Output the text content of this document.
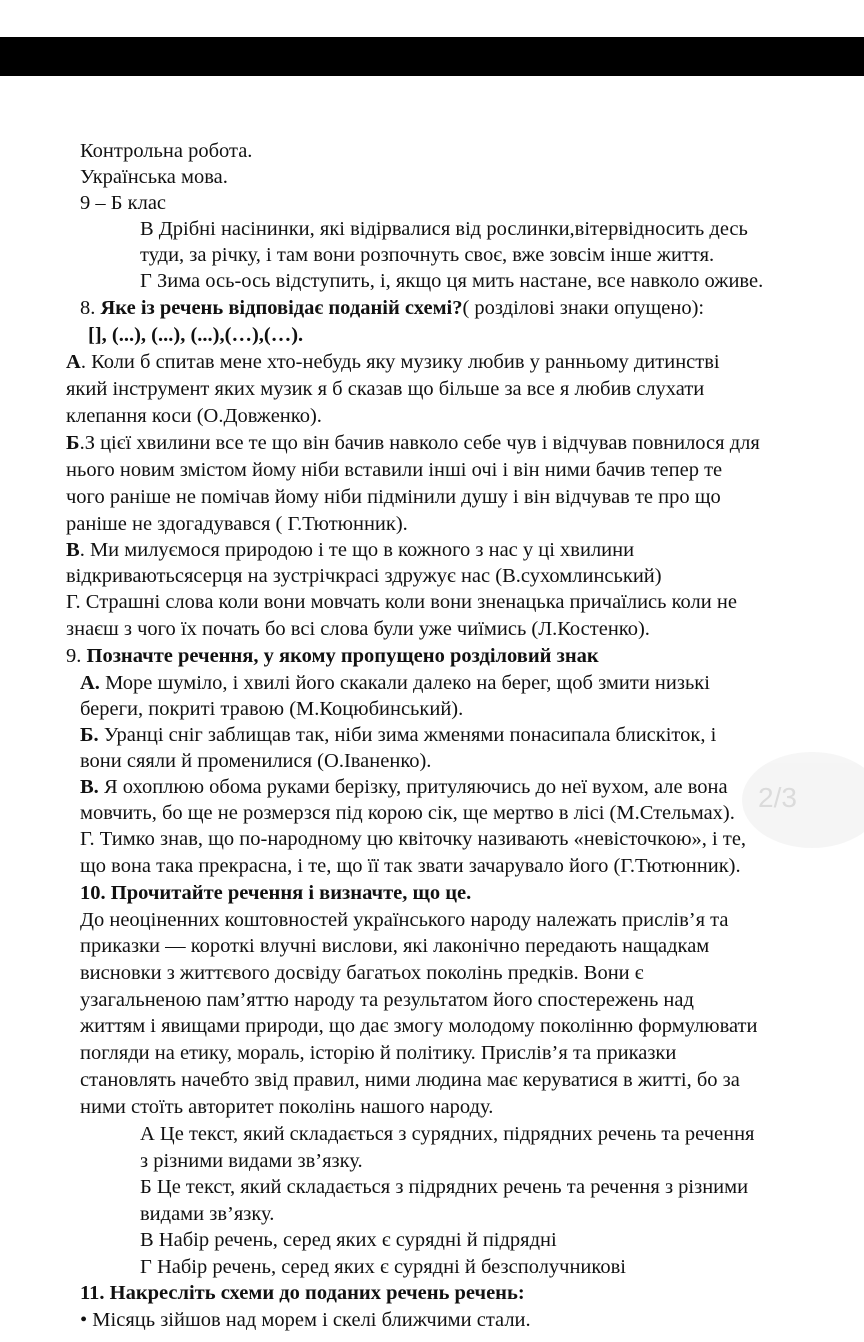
Контрольна робота.
Українська мова.
9 – Б клас
В Дрібні насінинки, які відірвалися від рослинки,вітервідносить десь
туди, за річку, і там вони розпочнуть своє, вже зовсім інше життя.
Г Зима ось-ось відступить, і, якщо ця мить настане, все навколо оживе.
8. Яке із речень відповідає поданій схемі?( розділові знаки опущено):
[], (...), (...), (...),(…),(…).
А. Коли б спитав мене хто-небудь яку музику любив у ранньому дитинстві
який інструмент яких музик я б сказав що більше за все я любив слухати
клепання коси (О.Довженко).
Б.З цієї хвилини все те що він бачив навколо себе чув і відчував повнилося для
нього новим змістом йому ніби вставили інші очі і він ними бачив тепер те
чого раніше не помічав йому ніби підмінили душу і він відчував те про що
раніше не здогадувався ( Г.Тютюнник).
В. Ми милуємося природою і те що в кожного з нас у ці хвилини
відкриваютьсясерця на зустрічкрасі здружує нас (В.сухомлинський)
Г. Страшні слова коли вони мовчать коли вони зненацька причаїлись коли не
знаєш з чого їх почать бо всі слова були уже чиїмись (Л.Костенко).
9. Позначте речення, у якому пропущено розділовий знак
А. Море шуміло, і хвилі його скакали далеко на берег, щоб змити низькі
береги, покриті травою (М.Коцюбинський).
Б. Уранці сніг заблищав так, ніби зима жменями понасипала блискіток, і
вони сяяли й променилися (О.Іваненко).
2/3
В. Я охоплюю обома руками берізку, притуляючись до неї вухом, але вона
мовчить, бо ще не розмерзся під корою сік, ще мертво в лісі (М.Стельмах).
Г. Тимко знав, що по-народному цю квіточку називають «невісточкою», і те,
що вона така прекрасна, і те, що її так звати зачарувало його (Г.Тютюнник).
10. Прочитайте речення і визначте, що це.
До неоціненних коштовностей українського народу належать прислів’я та
приказки — короткі влучні вислови, які лаконічно передають нащадкам
висновки з життєвого досвіду багатьох поколінь предків. Вони є
узагальненою пам’яттю народу та результатом його спостережень над
життям і явищами природи, що дає змогу молодому поколінню формулювати
погляди на етику, мораль, історію й політику. Прислів’я та приказки
становлять начебто звід правил, ними людина має керуватися в житті, бо за
ними стоїть авторитет поколінь нашого народу.
А Це текст, який складається з сурядних, підрядних речень та речення
з різними видами зв’язку.
Б Це текст, який складається з підрядних речень та речення з різними
видами зв’язку.
В Набір речень, серед яких є сурядні й підрядні
Г Набір речень, серед яких є сурядні й безсполучникові
11. Накресліть схеми до поданих речень речень:
• Місяць зійшов над морем і скелі ближчими стали.
